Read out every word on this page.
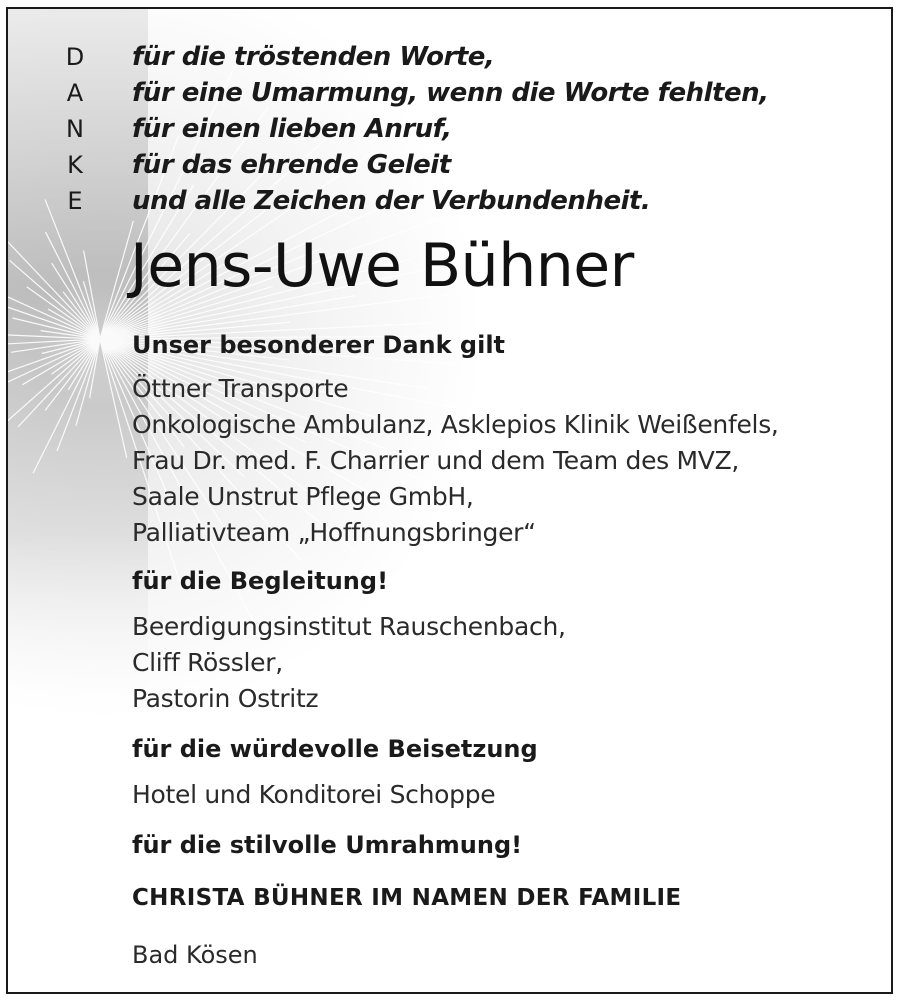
D
A
N
K
E
für die tröstenden Worte,
für eine Umarmung, wenn die Worte fehlten,
für einen lieben Anruf,
für das ehrende Geleit
und alle Zeichen der Verbundenheit.
Jens-Uwe Bühner
Unser besonderer Dank gilt
Öttner Transporte
Onkologische Ambulanz, Asklepios Klinik Weißenfels,
Frau Dr. med. F. Charrier und dem Team des MVZ,
Saale Unstrut Pflege GmbH,
Palliativteam „Hoffnungsbringer“
für die Begleitung!
Beerdigungsinstitut Rauschenbach,
Cliff Rössler,
Pastorin Ostritz
für die würdevolle Beisetzung
Hotel und Konditorei Schoppe
für die stilvolle Umrahmung!
CHRISTA BÜHNER IM NAMEN DER FAMILIE
Bad Kösen
